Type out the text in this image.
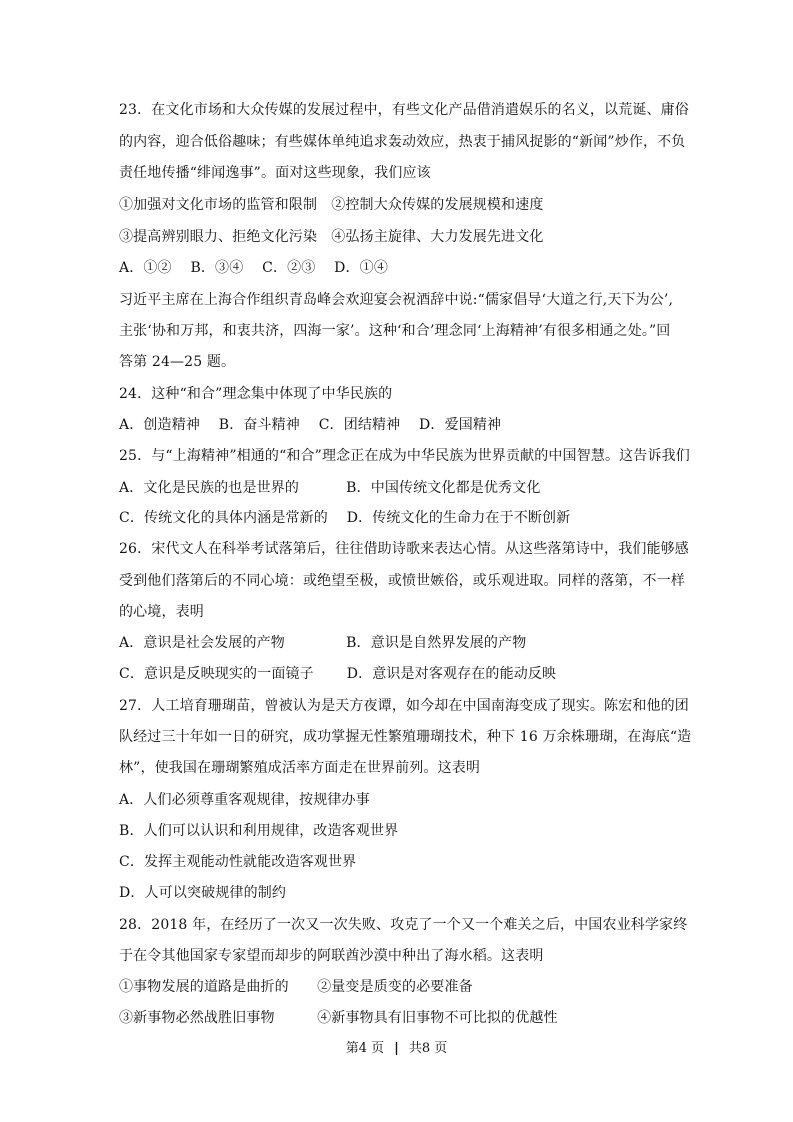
23．在文化市场和大众传媒的发展过程中，有些文化产品借消遣娱乐的名义，以荒诞、庸俗
的内容，迎合低俗趣味；有些媒体单纯追求轰动效应，热衷于捕风捉影的“新闻”炒作，不负
责任地传播“绯闻逸事”。面对这些现象，我们应该
①加强对文化市场的监管和限制　②控制大众传媒的发展规模和速度
③提高辨别眼力、拒绝文化污染　④弘扬主旋律、大力发展先进文化
A．①②　 B．③④　 C．②③　 D．①④
习近平主席在上海合作组织青岛峰会欢迎宴会祝酒辞中说:“儒家倡导‘大道之行,天下为公’,
主张‘协和万邦，和衷共济，四海一家’。这种‘和合’理念同‘上海精神’有很多相通之处。”回
答第 24—25 题。
24．这种“和合”理念集中体现了中华民族的
A．创造精神　 B．奋斗精神　 C．团结精神　 D．爱国精神
25．与“上海精神”相通的“和合”理念正在成为中华民族为世界贡献的中国智慧。这告诉我们
A．文化是民族的也是世界的　　　 B．中国传统文化都是优秀文化
C．传统文化的具体内涵是常新的　 D．传统文化的生命力在于不断创新
26．宋代文人在科举考试落第后，往往借助诗歌来表达心情。从这些落第诗中，我们能够感
受到他们落第后的不同心境：或绝望至极，或愤世嫉俗，或乐观进取。同样的落第，不一样
的心境，表明
A．意识是社会发展的产物　　　　 B．意识是自然界发展的产物
C．意识是反映现实的一面镜子　　 D．意识是对客观存在的能动反映
27．人工培育珊瑚苗，曾被认为是天方夜谭，如今却在中国南海变成了现实。陈宏和他的团
队经过三十年如一日的研究，成功掌握无性繁殖珊瑚技术，种下 16 万余株珊瑚，在海底“造
林”，使我国在珊瑚繁殖成活率方面走在世界前列。这表明
A．人们必须尊重客观规律，按规律办事
B．人们可以认识和利用规律，改造客观世界
C．发挥主观能动性就能改造客观世界
D．人可以突破规律的制约
28．2018 年，在经历了一次又一次失败、攻克了一个又一个难关之后，中国农业科学家终
于在令其他国家专家望而却步的阿联酋沙漠中种出了海水稻。这表明
①事物发展的道路是曲折的　　②量变是质变的必要准备
③新事物必然战胜旧事物　　　④新事物具有旧事物不可比拟的优越性
第4 页 | 共8 页
